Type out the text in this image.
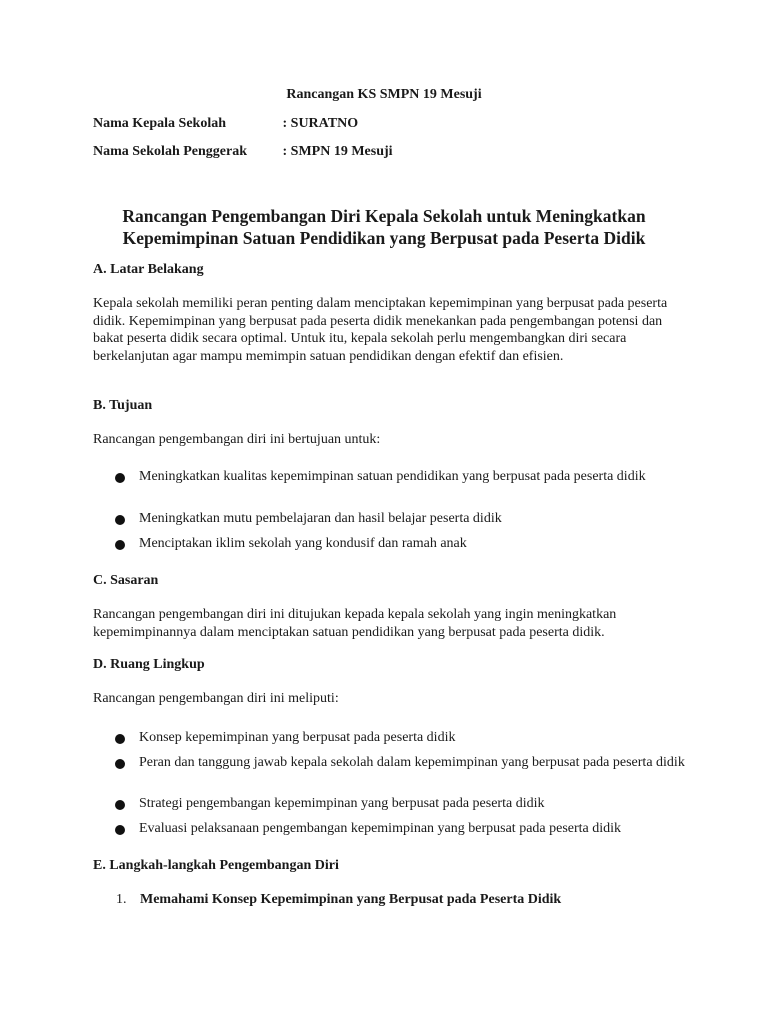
Rancangan KS SMPN 19 Mesuji
Nama Kepala Sekolah	: SURATNO
Nama Sekolah Penggerak	: SMPN 19 Mesuji
Rancangan Pengembangan Diri Kepala Sekolah untuk Meningkatkan
Kepemimpinan Satuan Pendidikan yang Berpusat pada Peserta Didik
A. Latar Belakang
Kepala sekolah memiliki peran penting dalam menciptakan kepemimpinan yang berpusat pada peserta didik. Kepemimpinan yang berpusat pada peserta didik menekankan pada pengembangan potensi dan bakat peserta didik secara optimal. Untuk itu, kepala sekolah perlu mengembangkan diri secara berkelanjutan agar mampu memimpin satuan pendidikan dengan efektif dan efisien.
B. Tujuan
Rancangan pengembangan diri ini bertujuan untuk:
Meningkatkan kualitas kepemimpinan satuan pendidikan yang berpusat pada peserta didik
Meningkatkan mutu pembelajaran dan hasil belajar peserta didik
Menciptakan iklim sekolah yang kondusif dan ramah anak
C. Sasaran
Rancangan pengembangan diri ini ditujukan kepada kepala sekolah yang ingin meningkatkan kepemimpinannya dalam menciptakan satuan pendidikan yang berpusat pada peserta didik.
D. Ruang Lingkup
Rancangan pengembangan diri ini meliputi:
Konsep kepemimpinan yang berpusat pada peserta didik
Peran dan tanggung jawab kepala sekolah dalam kepemimpinan yang berpusat pada peserta didik
Strategi pengembangan kepemimpinan yang berpusat pada peserta didik
Evaluasi pelaksanaan pengembangan kepemimpinan yang berpusat pada peserta didik
E. Langkah-langkah Pengembangan Diri
1. Memahami Konsep Kepemimpinan yang Berpusat pada Peserta Didik
